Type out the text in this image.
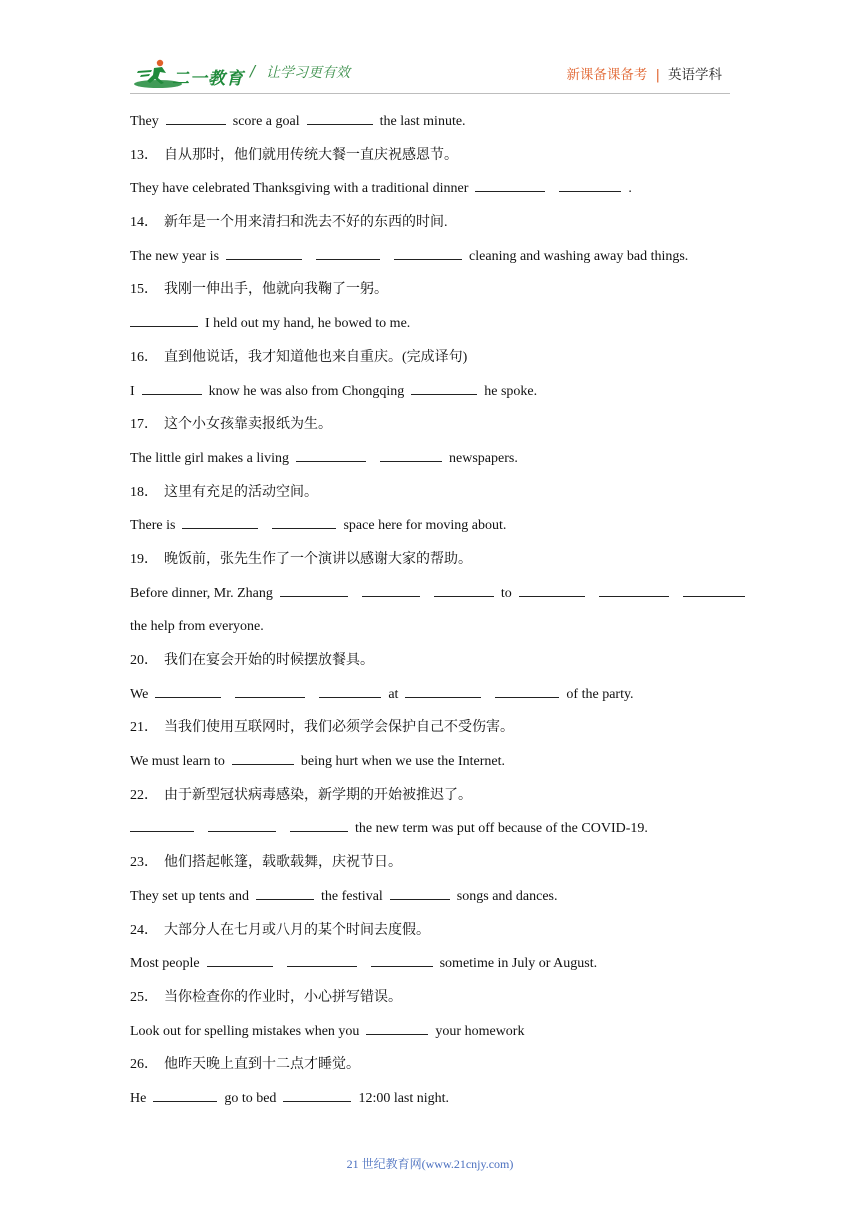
二一教育 / 让学习更有效	新课备课备考 | 英语学科
They	score a goal	the last minute.
13． 自从那时，他们就用传统大餐一直庆祝感恩节。
They have celebrated Thanksgiving with a traditional dinner	.
14． 新年是一个用来清扫和洗去不好的东西的时间.
The new year is	cleaning and washing away bad things.
15． 我刚一伸出手，他就向我鞠了一躬。
I held out my hand, he bowed to me.
16． 直到他说话，我才知道他也来自重庆。(完成译句)
I	know he was also from Chongqing	he spoke.
17． 这个小女孩靠卖报纸为生。
The little girl makes a living	newspapers.
18． 这里有充足的活动空间。
There is	space here for moving about.
19． 晚饭前，张先生作了一个演讲以感谢大家的帮助。
Before dinner, Mr. Zhang	to
the help from everyone.
20． 我们在宴会开始的时候摆放餐具。
We	at	of the party.
21． 当我们使用互联网时，我们必须学会保护自己不受伤害。
We must learn to	being hurt when we use the Internet.
22． 由于新型冠状病毒感染，新学期的开始被推迟了。
the new term was put off because of the COVID-19.
23． 他们搭起帐篷，载歌载舞，庆祝节日。
They set up tents and	the festival	songs and dances.
24． 大部分人在七月或八月的某个时间去度假。
Most people	sometime in July or August.
25． 当你检查你的作业时，小心拼写错误。
Look out for spelling mistakes when you	your homework
26． 他昨天晚上直到十二点才睡觉。
He	go to bed	12:00 last night.
21 世纪教育网(www.21cnjy.com)
